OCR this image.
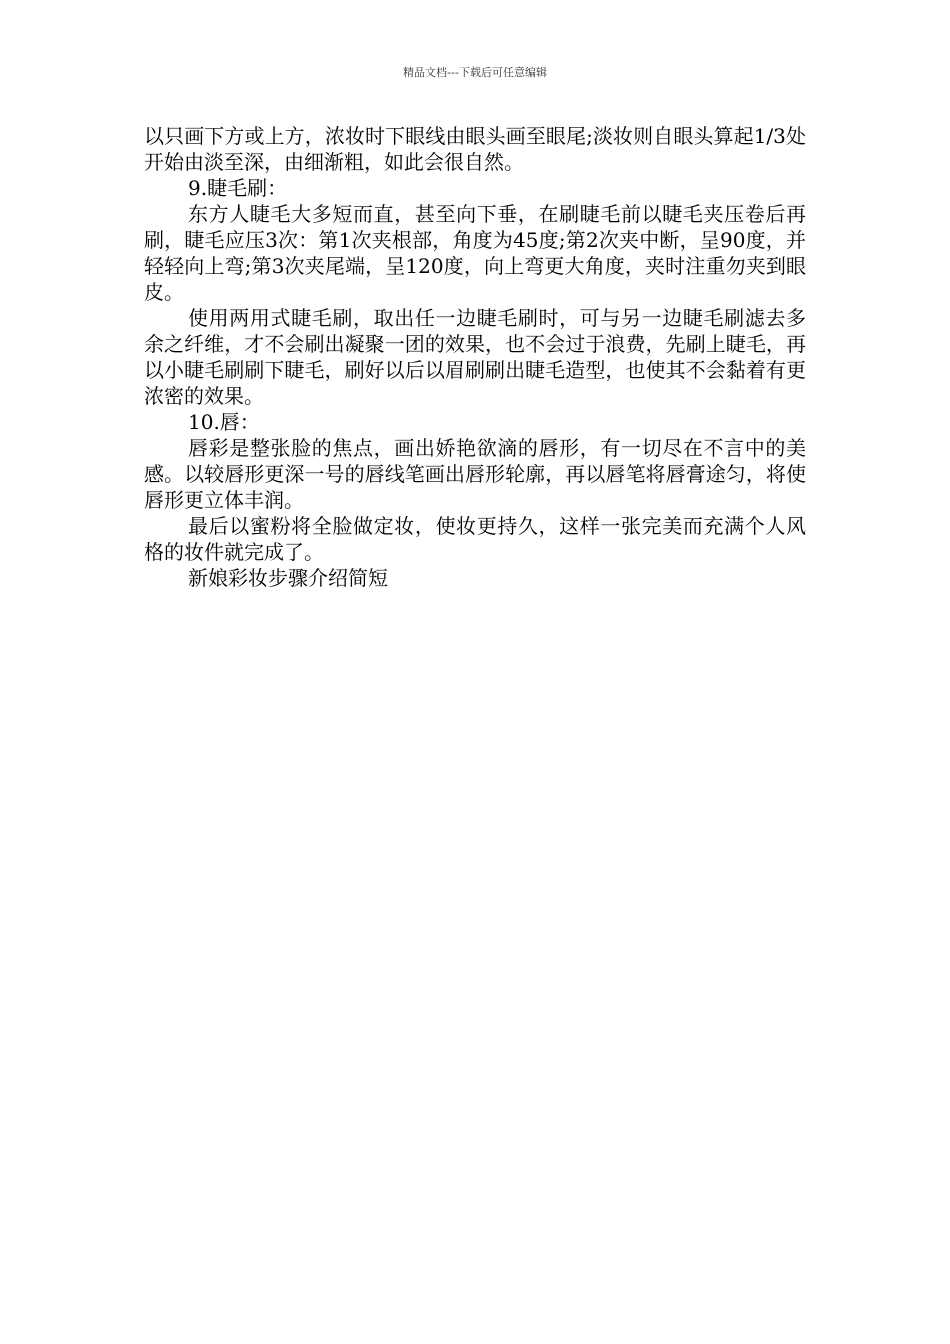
精品文档---下载后可任意编辑

以只画下方或上方，浓妆时下眼线由眼头画至眼尾;淡妆则自眼头算起1/3处开始由淡至深，由细渐粗，如此会很自然。

9.睫毛刷：

东方人睫毛大多短而直，甚至向下垂，在刷睫毛前以睫毛夹压卷后再刷，睫毛应压3次：第1次夹根部，角度为45度;第2次夹中断，呈90度，并轻轻向上弯;第3次夹尾端，呈120度，向上弯更大角度，夹时注重勿夹到眼皮。

使用两用式睫毛刷，取出任一边睫毛刷时，可与另一边睫毛刷滤去多余之纤维，才不会刷出凝聚一团的效果，也不会过于浪费，先刷上睫毛，再以小睫毛刷刷下睫毛，刷好以后以眉刷刷出睫毛造型，也使其不会黏着有更浓密的效果。

10.唇：

唇彩是整张脸的焦点，画出娇艳欲滴的唇形，有一切尽在不言中的美感。以较唇形更深一号的唇线笔画出唇形轮廓，再以唇笔将唇膏途匀，将使唇形更立体丰润。

最后以蜜粉将全脸做定妆，使妆更持久，这样一张完美而充满个人风格的妆件就完成了。

新娘彩妆步骤介绍简短
